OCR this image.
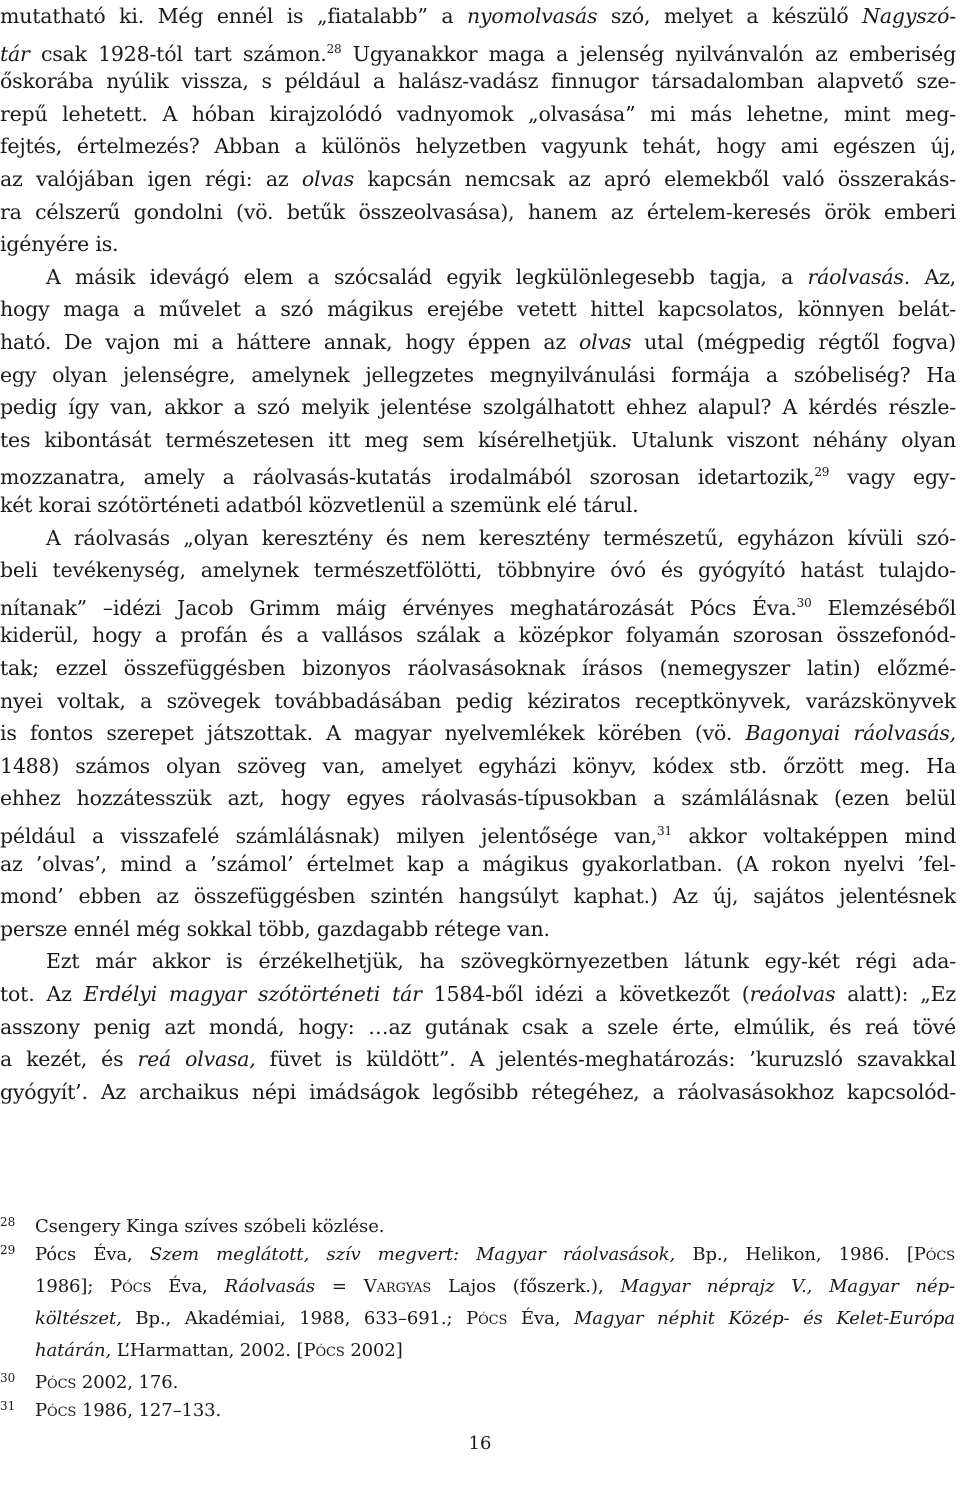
mutatható ki. Még ennél is „fiatalabb” a nyomolvasás szó, melyet a készülő Nagyszó-
tár csak 1928-tól tart számon.$^{28}$ Ugyanakkor maga a jelenség nyilvánvalón az emberiség
őskorába nyúlik vissza, s például a halász-vadász finnugor társadalomban alapvető sze-
repű lehetett. A hóban kirajzolódó vadnyomok „olvasása” mi más lehetne, mint meg-
fejtés, értelmezés? Abban a különös helyzetben vagyunk tehát, hogy ami egészen új,
az valójában igen régi: az olvas kapcsán nemcsak az apró elemekből való összerakás-
ra célszerű gondolni (vö. betűk összeolvasása), hanem az értelem-keresés örök emberi
igényére is.
A másik idevágó elem a szócsalád egyik legkülönlegesebb tagja, a ráolvasás. Az,
hogy maga a művelet a szó mágikus erejébe vetett hittel kapcsolatos, könnyen belát-
ható. De vajon mi a háttere annak, hogy éppen az olvas utal (mégpedig régtől fogva)
egy olyan jelenségre, amelynek jellegzetes megnyilvánulási formája a szóbeliség? Ha
pedig így van, akkor a szó melyik jelentése szolgálhatott ehhez alapul? A kérdés részle-
tes kibontását természetesen itt meg sem kísérelhetjük. Utalunk viszont néhány olyan
mozzanatra, amely a ráolvasás-kutatás irodalmából szorosan idetartozik,$^{29}$ vagy egy-
két korai szótörténeti adatból közvetlenül a szemünk elé tárul.
A ráolvasás „olyan keresztény és nem keresztény természetű, egyházon kívüli szó-
beli tevékenység, amelynek természetfölötti, többnyire óvó és gyógyító hatást tulajdo-
nítanak” –idézi Jacob Grimm máig érvényes meghatározását Pócs Éva.$^{30}$ Elemzéséből
kiderül, hogy a profán és a vallásos szálak a középkor folyamán szorosan összefonód-
tak; ezzel összefüggésben bizonyos ráolvasásoknak írásos (nemegyszer latin) előzmé-
nyei voltak, a szövegek továbbadásában pedig kéziratos receptkönyvek, varázskönyvek
is fontos szerepet játszottak. A magyar nyelvemlékek körében (vö. Bagonyai ráolvasás,
1488) számos olyan szöveg van, amelyet egyházi könyv, kódex stb. őrzött meg. Ha
ehhez hozzátesszük azt, hogy egyes ráolvasás-típusokban a számlálásnak (ezen belül
például a visszafelé számlálásnak) milyen jelentősége van,$^{31}$ akkor voltaképpen mind
az ’olvas’, mind a ’számol’ értelmet kap a mágikus gyakorlatban. (A rokon nyelvi ’fel-
mond’ ebben az összefüggésben szintén hangsúlyt kaphat.) Az új, sajátos jelentésnek
persze ennél még sokkal több, gazdagabb rétege van.
Ezt már akkor is érzékelhetjük, ha szövegkörnyezetben látunk egy-két régi ada-
tot. Az Erdélyi magyar szótörténeti tár 1584-ből idézi a következőt (reáolvas alatt): „Ez
asszony penig azt mondá, hogy: …az gutának csak a szele érte, elmúlik, és reá tövé
a kezét, és reá olvasa, füvet is küldött”. A jelentés-meghatározás: ’kuruzsló szavakkal
gyógyít’. Az archaikus népi imádságok legősibb rétegéhez, a ráolvasásokhoz kapcsolód-
28 Csengery Kinga szíves szóbeli közlése.
29 Pócs Éva, Szem meglátott, szív megvert: Magyar ráolvasások, Bp., Helikon, 1986. [Pócs
1986]; Pócs Éva, Ráolvasás = Vargyas Lajos (főszerk.), Magyar néprajz V., Magyar nép-
költészet, Bp., Akadémiai, 1988, 633–691.; Pócs Éva, Magyar néphit Közép- és Kelet-Európa
határán, L’Harmattan, 2002. [Pócs 2002]
30 Pócs 2002, 176.
31 Pócs 1986, 127–133.
16
